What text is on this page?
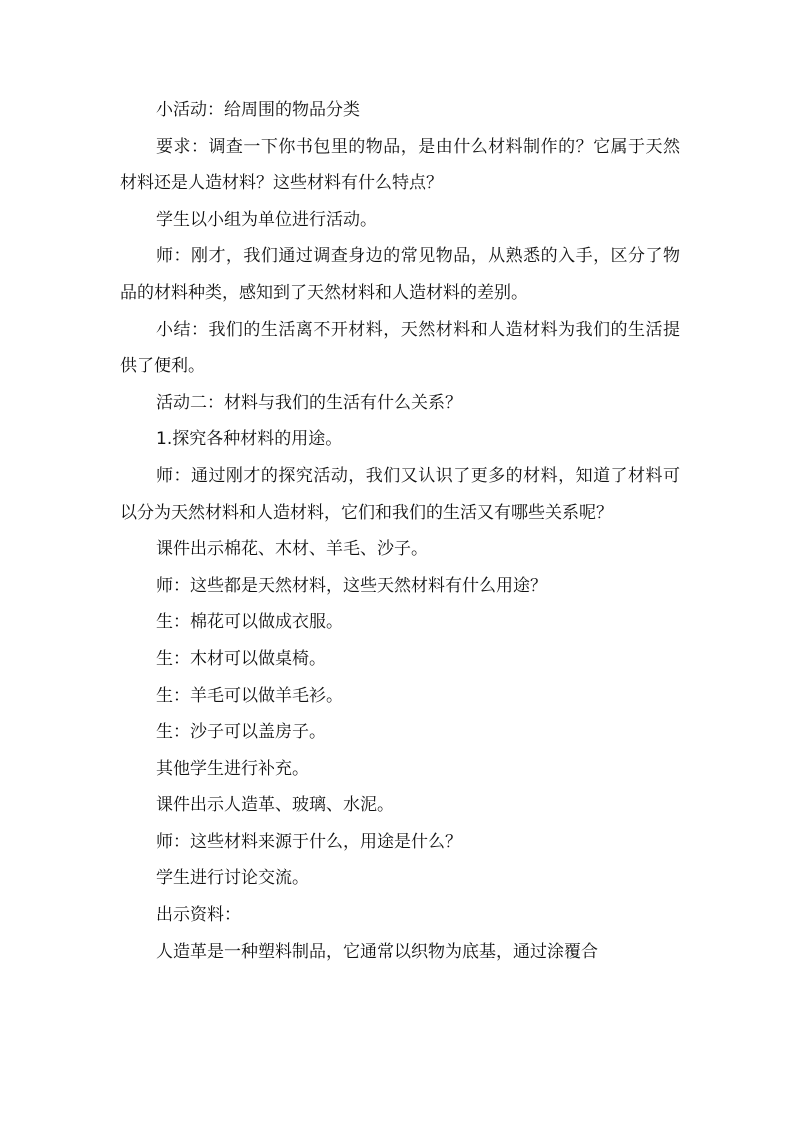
小活动：给周围的物品分类

要求：调查一下你书包里的物品，是由什么材料制作的？它属于天然材料还是人造材料？这些材料有什么特点？

学生以小组为单位进行活动。

师：刚才，我们通过调查身边的常见物品，从熟悉的入手，区分了物品的材料种类，感知到了天然材料和人造材料的差别。

小结：我们的生活离不开材料，天然材料和人造材料为我们的生活提供了便利。

活动二：材料与我们的生活有什么关系？

1.探究各种材料的用途。

师：通过刚才的探究活动，我们又认识了更多的材料，知道了材料可以分为天然材料和人造材料，它们和我们的生活又有哪些关系呢？

课件出示棉花、木材、羊毛、沙子。

师：这些都是天然材料，这些天然材料有什么用途？

生：棉花可以做成衣服。

生：木材可以做桌椅。

生：羊毛可以做羊毛衫。

生：沙子可以盖房子。

其他学生进行补充。

课件出示人造革、玻璃、水泥。

师：这些材料来源于什么，用途是什么？

学生进行讨论交流。

出示资料：

人造革是一种塑料制品，它通常以织物为底基，通过涂覆合
